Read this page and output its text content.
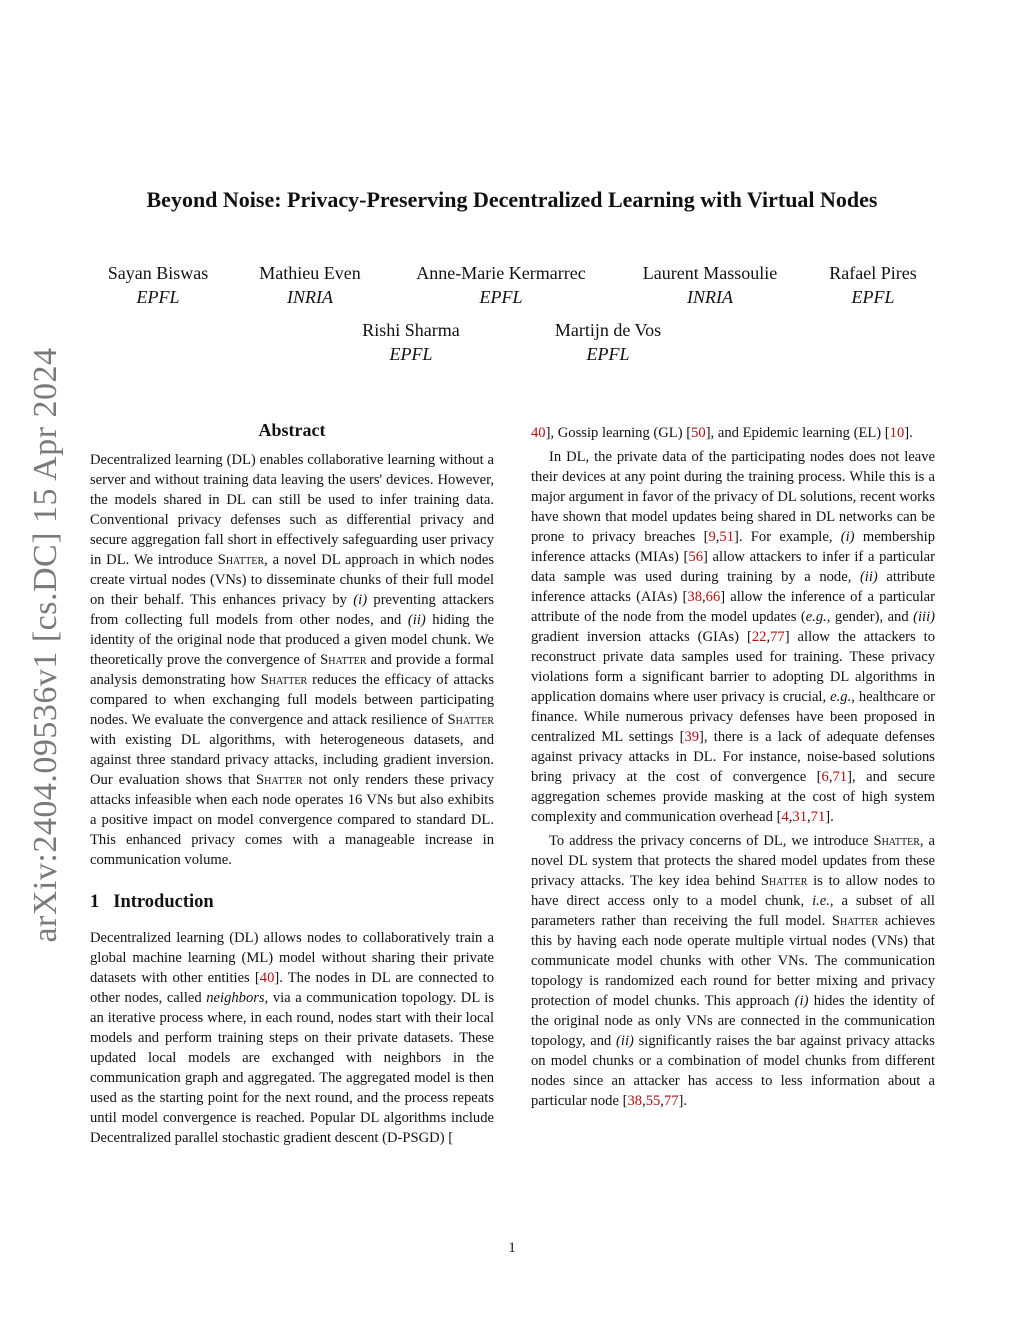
arXiv:2404.09536v1 [cs.DC] 15 Apr 2024
Beyond Noise: Privacy-Preserving Decentralized Learning with Virtual Nodes
Sayan Biswas
EPFL
Mathieu Even
INRIA
Anne-Marie Kermarrec
EPFL
Laurent Massoulie
INRIA
Rafael Pires
EPFL
Rishi Sharma
EPFL
Martijn de Vos
EPFL
Abstract

Decentralized learning (DL) enables collaborative learning without a server and without training data leaving the users' devices. However, the models shared in DL can still be used to infer training data. Conventional privacy defenses such as differential privacy and secure aggregation fall short in effectively safeguarding user privacy in DL. We introduce Shatter, a novel DL approach in which nodes create virtual nodes (VNs) to disseminate chunks of their full model on their behalf. This enhances privacy by (i) preventing attackers from collecting full models from other nodes, and (ii) hiding the identity of the original node that produced a given model chunk. We theoretically prove the convergence of Shatter and provide a formal analysis demonstrating how Shatter reduces the efficacy of attacks compared to when exchanging full models between participating nodes. We evaluate the convergence and attack resilience of Shatter with existing DL algorithms, with heterogeneous datasets, and against three standard privacy attacks, including gradient inversion. Our evaluation shows that Shatter not only renders these privacy attacks infeasible when each node operates 16 VNs but also exhibits a positive impact on model convergence compared to standard DL. This enhanced privacy comes with a manageable increase in communication volume.

1 Introduction

Decentralized learning (DL) allows nodes to collaboratively train a global machine learning (ML) model without sharing their private datasets with other entities [40]. The nodes in DL are connected to other nodes, called neighbors, via a communication topology. DL is an iterative process where, in each round, nodes start with their local models and perform training steps on their private datasets. These updated local models are exchanged with neighbors in the communication graph and aggregated. The aggregated model is then used as the starting point for the next round, and the process repeats until model convergence is reached. Popular DL algorithms include Decentralized parallel stochastic gradient descent (D-PSGD) [

40], Gossip learning (GL) [50], and Epidemic learning (EL) [10].

In DL, the private data of the participating nodes does not leave their devices at any point during the training process. While this is a major argument in favor of the privacy of DL solutions, recent works have shown that model updates being shared in DL networks can be prone to privacy breaches [9,51]. For example, (i) membership inference attacks (MIAs) [56] allow attackers to infer if a particular data sample was used during training by a node, (ii) attribute inference attacks (AIAs) [38,66] allow the inference of a particular attribute of the node from the model updates (e.g., gender), and (iii) gradient inversion attacks (GIAs) [22,77] allow the attackers to reconstruct private data samples used for training. These privacy violations form a significant barrier to adopting DL algorithms in application domains where user privacy is crucial, e.g., healthcare or finance. While numerous privacy defenses have been proposed in centralized ML settings [39], there is a lack of adequate defenses against privacy attacks in DL. For instance, noise-based solutions bring privacy at the cost of convergence [6,71], and secure aggregation schemes provide masking at the cost of high system complexity and communication overhead [4,31,71].

To address the privacy concerns of DL, we introduce Shatter, a novel DL system that protects the shared model updates from these privacy attacks. The key idea behind Shatter is to allow nodes to have direct access only to a model chunk, i.e., a subset of all parameters rather than receiving the full model. Shatter achieves this by having each node operate multiple virtual nodes (VNs) that communicate model chunks with other VNs. The communication topology is randomized each round for better mixing and privacy protection of model chunks. This approach (i) hides the identity of the original node as only VNs are connected in the communication topology, and (ii) significantly raises the bar against privacy attacks on model chunks or a combination of model chunks from different nodes since an attacker has access to less information about a particular node [38,55,77].

1
